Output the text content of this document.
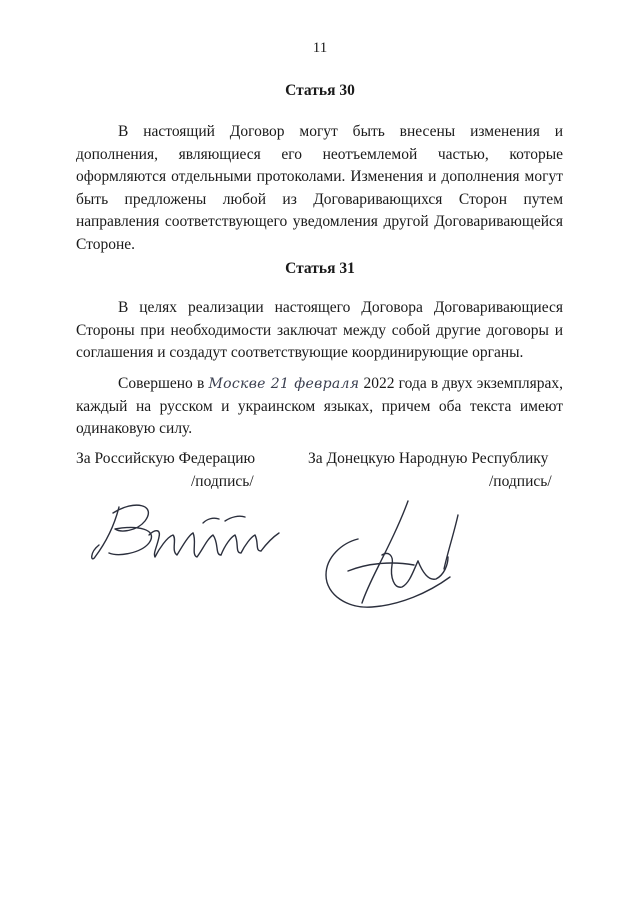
11
Статья 30
В настоящий Договор могут быть внесены изменения и дополнения, являющиеся его неотъемлемой частью, которые оформляются отдельными протоколами. Изменения и дополнения могут быть предложены любой из Договаривающихся Сторон путем направления соответствующего уведомления другой Договаривающейся Стороне.
Статья 31
В целях реализации настоящего Договора Договаривающиеся Стороны при необходимости заключат между собой другие договоры и соглашения и создадут соответствующие координирующие органы.
Совершено в Москве 21 февраля 2022 года в двух экземплярах, каждый на русском и украинском языках, причем оба текста имеют одинаковую силу.
За Российскую Федерацию
/подпись/
За Донецкую Народную Республику
/подпись/
